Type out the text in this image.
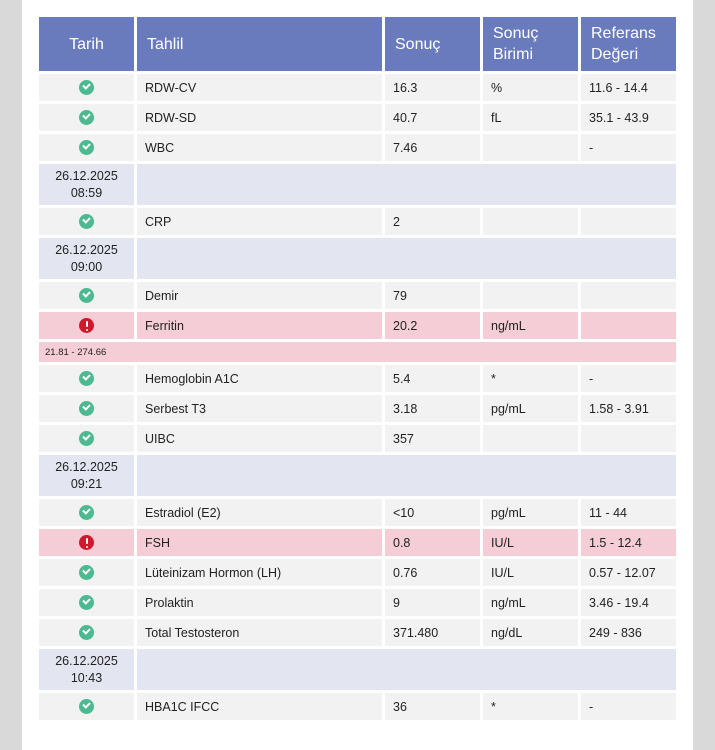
Tarih	Tahlil	Sonuç	Sonuç Birimi	Referans Değeri
	RDW-CV	16.3	%	11.6 - 14.4
	RDW-SD	40.7	fL	35.1 - 43.9
	WBC	7.46		-
26.12.2025
08:59				
	CRP	2		
26.12.2025
09:00				
	Demir	79		
	Ferritin	20.2	ng/mL	
21.81 - 274.66				
	Hemoglobin A1C	5.4	*	-
	Serbest T3	3.18	pg/mL	1.58 - 3.91
	UIBC	357		
26.12.2025
09:21				
	Estradiol (E2)	<10	pg/mL	11 - 44
	FSH	0.8	IU/L	1.5 - 12.4
	Lüteinizam Hormon (LH)	0.76	IU/L	0.57 - 12.07
	Prolaktin	9	ng/mL	3.46 - 19.4
	Total Testosteron	371.480	ng/dL	249 - 836
26.12.2025
10:43				
	HBA1C IFCC	36	*	-
